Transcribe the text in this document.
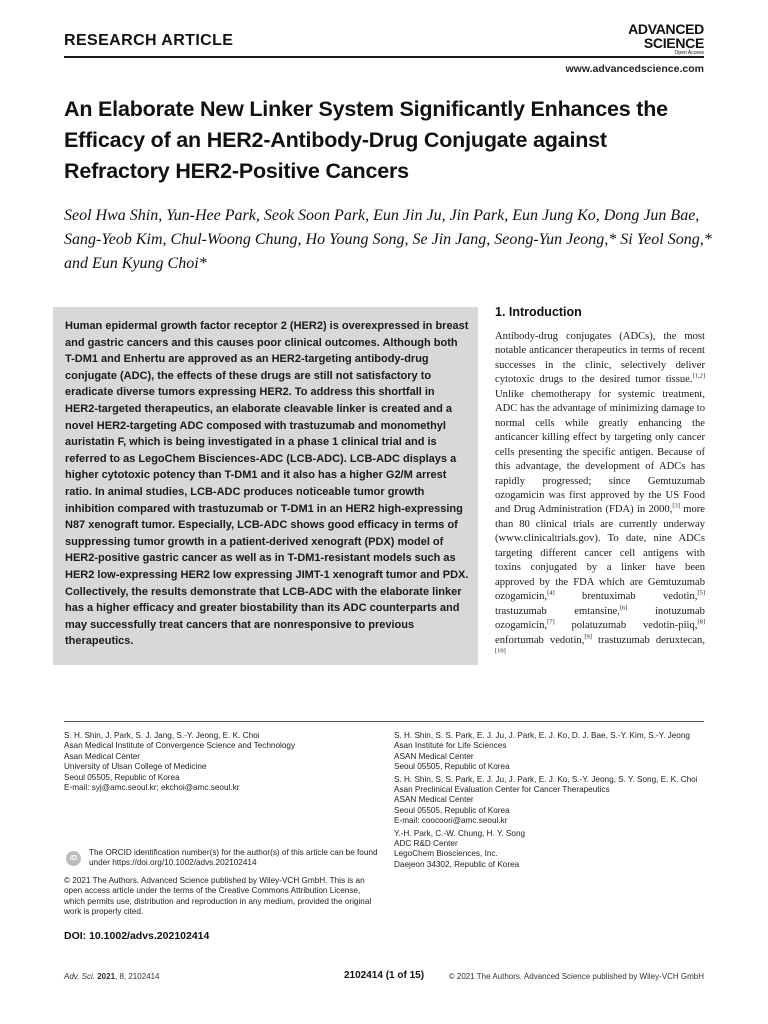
RESEARCH ARTICLE
ADVANCED
SCIENCE
Open Access
www.advancedscience.com
An Elaborate New Linker System Significantly Enhances the Efficacy of an HER2-Antibody-Drug Conjugate against Refractory HER2-Positive Cancers
Seol Hwa Shin, Yun-Hee Park, Seok Soon Park, Eun Jin Ju, Jin Park, Eun Jung Ko, Dong Jun Bae, Sang-Yeob Kim, Chul-Woong Chung, Ho Young Song, Se Jin Jang, Seong-Yun Jeong,* Si Yeol Song,* and Eun Kyung Choi*
Human epidermal growth factor receptor 2 (HER2) is overexpressed in breast and gastric cancers and this causes poor clinical outcomes. Although both T-DM1 and Enhertu are approved as an HER2-targeting antibody-drug conjugate (ADC), the effects of these drugs are still not satisfactory to eradicate diverse tumors expressing HER2. To address this shortfall in HER2-targeted therapeutics, an elaborate cleavable linker is created and a novel HER2-targeting ADC composed with trastuzumab and monomethyl auristatin F, which is being investigated in a phase 1 clinical trial and is referred to as LegoChem Bisciences-ADC (LCB-ADC). LCB-ADC displays a higher cytotoxic potency than T-DM1 and it also has a higher G2/M arrest ratio. In animal studies, LCB-ADC produces noticeable tumor growth inhibition compared with trastuzumab or T-DM1 in an HER2 high-expressing N87 xenograft tumor. Especially, LCB-ADC shows good efficacy in terms of suppressing tumor growth in a patient-derived xenograft (PDX) model of HER2-positive gastric cancer as well as in T-DM1-resistant models such as HER2 low-expressing HER2 low expressing JIMT-1 xenograft tumor and PDX. Collectively, the results demonstrate that LCB-ADC with the elaborate linker has a higher efficacy and greater biostability than its ADC counterparts and may successfully treat cancers that are nonresponsive to previous therapeutics.
1. Introduction
Antibody-drug conjugates (ADCs), the most notable anticancer therapeutics in terms of recent successes in the clinic, selectively deliver cytotoxic drugs to the desired tumor tissue.[1,2] Unlike chemotherapy for systemic treatment, ADC has the advantage of minimizing damage to normal cells while greatly enhancing the anticancer killing effect by targeting only cancer cells presenting the specific antigen. Because of this advantage, the development of ADCs has rapidly progressed; since Gemtuzumab ozogamicin was first approved by the US Food and Drug Administration (FDA) in 2000,[3] more than 80 clinical trials are currently underway (www.clinicaltrials.gov). To date, nine ADCs targeting different cancer cell antigens with toxins conjugated by a linker have been approved by the FDA which are Gemtuzumab ozogamicin,[4] brentuximab vedotin,[5] trastuzumab emtansine,[6] inotuzumab ozogamicin,[7] polatuzumab vedotin-piiq,[8] enfortumab vedotin,[9] trastuzumab deruxtecan,[10]
S. H. Shin, J. Park, S. J. Jang, S.-Y. Jeong, E. K. Choi
Asan Medical Institute of Convergence Science and Technology
Asan Medical Center
University of Ulsan College of Medicine
Seoul 05505, Republic of Korea
E-mail: syj@amc.seoul.kr; ekchoi@amc.seoul.kr
iD
The ORCID identification number(s) for the author(s) of this article can be found under https://doi.org/10.1002/advs.202102414
© 2021 The Authors. Advanced Science published by Wiley-VCH GmbH. This is an open access article under the terms of the Creative Commons Attribution License, which permits use, distribution and reproduction in any medium, provided the original work is properly cited.
DOI: 10.1002/advs.202102414
S. H. Shin, S. S. Park, E. J. Ju, J. Park, E. J. Ko, D. J. Bae, S.-Y. Kim, S.-Y. Jeong
Asan Institute for Life Sciences
ASAN Medical Center
Seoul 05505, Republic of Korea
S. H. Shin, S. S. Park, E. J. Ju, J. Park, E. J. Ko, S.-Y. Jeong, S. Y. Song, E. K. Choi
Asan Preclinical Evaluation Center for Cancer Therapeutics
ASAN Medical Center
Seoul 05505, Republic of Korea
E-mail: coocoori@amc.seoul.kr
Y.-H. Park, C.-W. Chung, H. Y. Song
ADC R&D Center
LegoChem Biosciences, Inc.
Daejeon 34302, Republic of Korea
Adv. Sci. 2021, 8, 2102414	2102414 (1 of 15)	© 2021 The Authors. Advanced Science published by Wiley-VCH GmbH
